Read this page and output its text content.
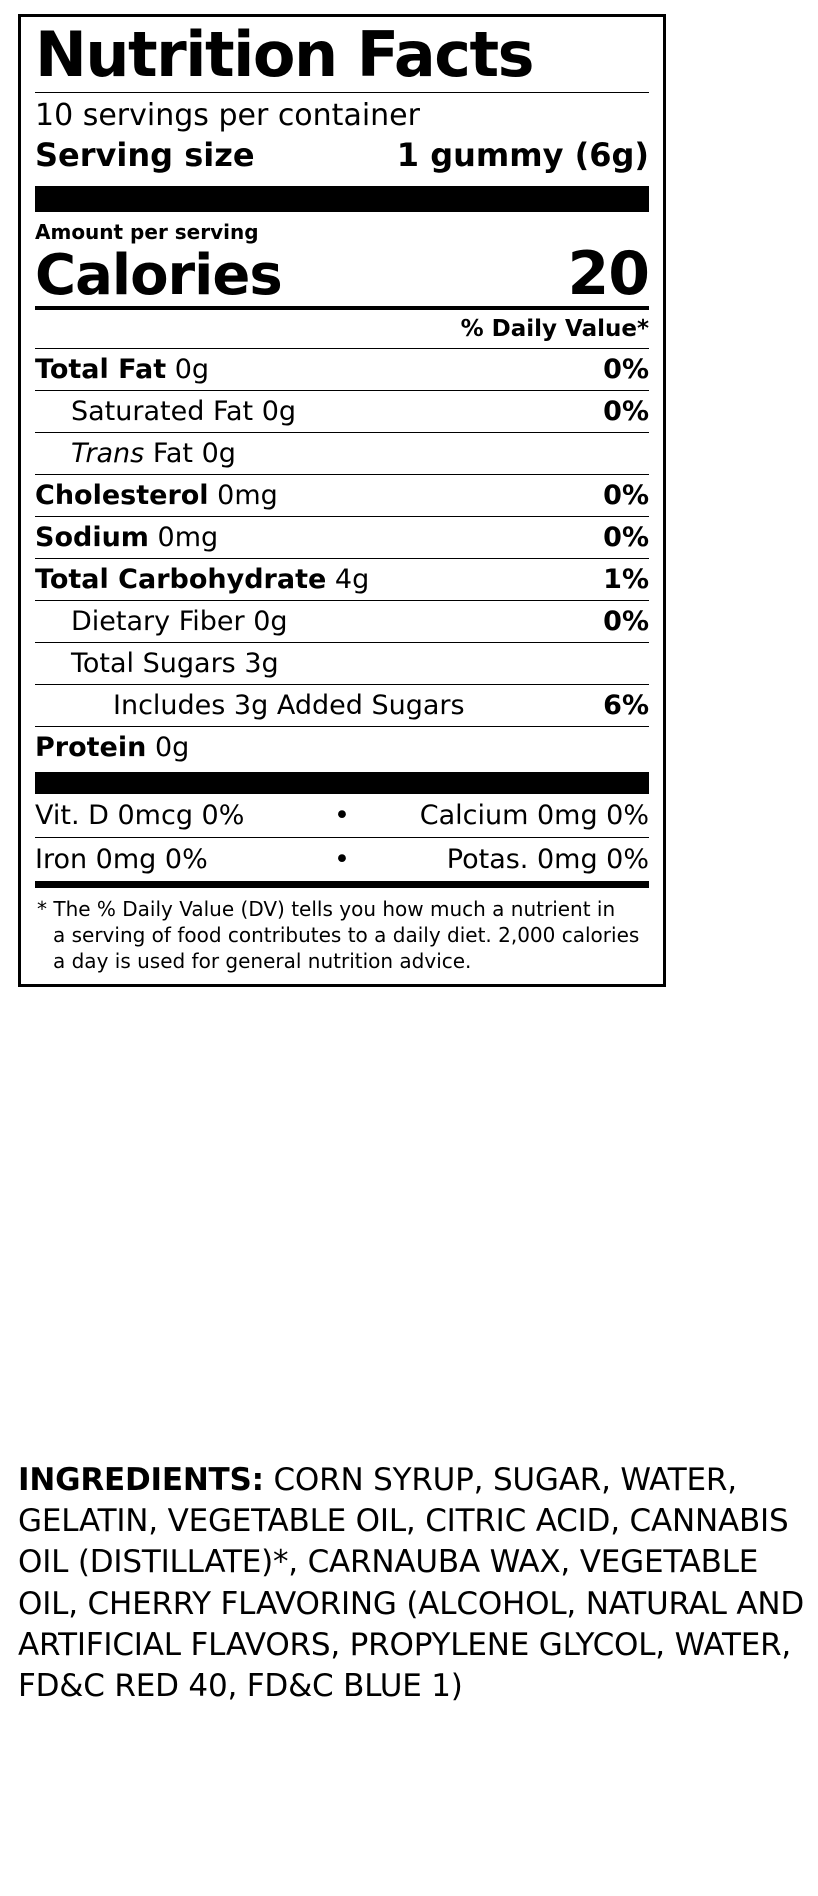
Nutrition Facts
10 servings per container
Serving size	1 gummy (6g)
Amount per serving
Calories	20
% Daily Value*
Total Fat 0g	0%
Saturated Fat 0g	0%
Trans Fat 0g
Cholesterol 0mg	0%
Sodium 0mg	0%
Total Carbohydrate 4g	1%
Dietary Fiber 0g	0%
Total Sugars 3g
Includes 3g Added Sugars	6%
Protein 0g
Vit. D 0mcg 0%	•	Calcium 0mg 0%
Iron 0mg 0%	•	Potas. 0mg 0%
* The % Daily Value (DV) tells you how much a nutrient in
a serving of food contributes to a daily diet. 2,000 calories
a day is used for general nutrition advice.
INGREDIENTS: CORN SYRUP, SUGAR, WATER, GELATIN, VEGETABLE OIL, CITRIC ACID, CANNABIS OIL (DISTILLATE)*, CARNAUBA WAX, VEGETABLE OIL, CHERRY FLAVORING (ALCOHOL, NATURAL AND ARTIFICIAL FLAVORS, PROPYLENE GLYCOL, WATER, FD&C RED 40, FD&C BLUE 1)
